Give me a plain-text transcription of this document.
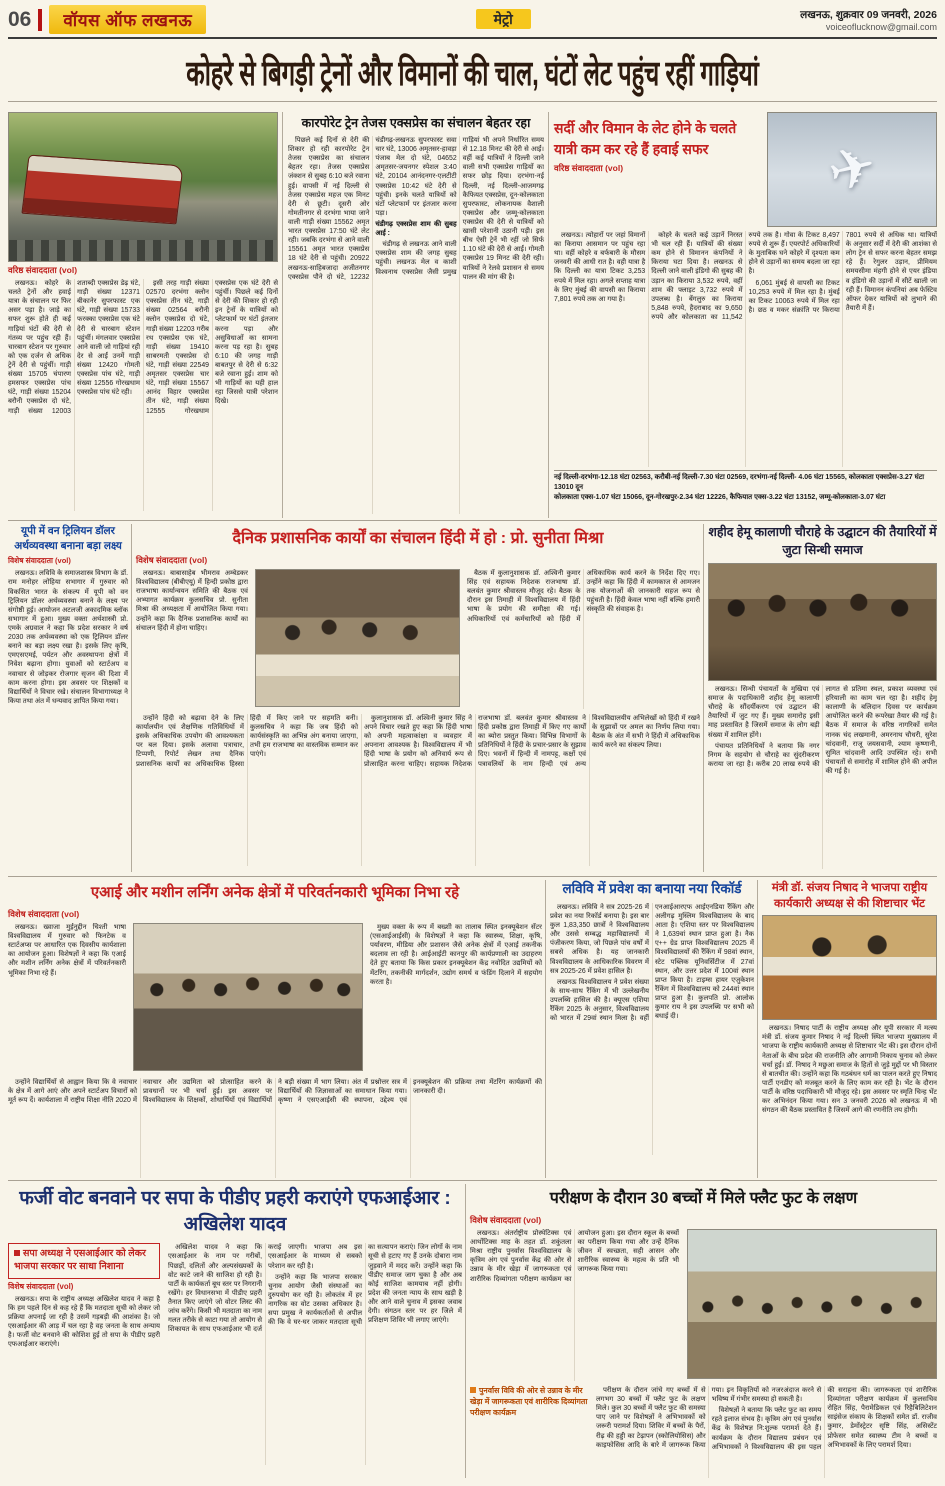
06	वॉयस ऑफ लखनऊ	मेट्रो	लखनऊ, शुक्रवार 09 जनवरी, 2026
voiceoflucknow@gmail.com
कोहरे से बिगड़ी ट्रेनों और विमानों की चाल, घंटों लेट पहुंच रहीं गाड़ियां
वरिष्ठ संवाददाता (vol)

लखनऊ। कोहरे के चलते ट्रेनों और हवाई यात्रा के संचालन पर फिर असर पड़ा है। जाड़े का सफर शुरू होते ही कई गाड़ियां घंटों की देरी से गंतव्य पर पहुंच रही हैं। चारबाग स्टेशन पर गुरुवार को एक दर्जन से अधिक ट्रेनें देरी से पहुंचीं। गाड़ी संख्या 15705 चंपारण हमसफर एक्सप्रेस पांच घंटे, गाड़ी संख्या 15204 बरौनी एक्सप्रेस दो घंटे, गाड़ी संख्या 12003 शताब्दी एक्सप्रेस डेढ़ घंटे, गाड़ी संख्या 12371 बीकानेर सुपरफास्ट एक घंटे, गाड़ी संख्या 15733 फरक्का एक्सप्रेस एक घंटे देरी से चारबाग स्टेशन पहुंचीं। मंगलवार एक्सप्रेस आने वाली जो गाड़ियां रही देर से आईं उनमें गाड़ी संख्या 12420 गोमती एक्सप्रेस पांच घंटे, गाड़ी संख्या 12556 गोरखधाम एक्सप्रेस पांच घंटे रही।

इसी तरह गाड़ी संख्या 02570 दरभंगा क्लोन एक्सप्रेस तीन घंटे, गाड़ी संख्या 02564 बरौनी क्लोन एक्सप्रेस दो घंटे, गाड़ी संख्या 12203 गरीब रथ एक्सप्रेस एक घंटे, गाड़ी संख्या 19410 साबरमती एक्सप्रेस दो घंटे, गाड़ी संख्या 22549 अमृतसर एक्सप्रेस चार घंटे, गाड़ी संख्या 15567 आनंद विहार एक्सप्रेस तीन घंटे, गाड़ी संख्या 12555 गोरखधाम एक्सप्रेस एक घंटे देरी से पहुंचीं। पिछले कई दिनों से देरी की शिकार हो रही इन ट्रेनों के यात्रियों को प्लेटफार्म पर घंटों इंतजार करना पड़ा और असुविधाओं का सामना करना पड़ रहा है। सुबह 6:10 की जगह गाड़ी बाबतपुर से देरी से 6:32 बजे रवाना हुई। शाम को भी गाड़ियों का यही हाल रहा जिससे यात्री परेशान दिखे।

कारपोरेट ट्रेन तेजस एक्सप्रेस का संचालन बेहतर रहा

पिछले कई दिनों से देरी की शिकार हो रही कारपोरेट ट्रेन तेजस एक्सप्रेस का संचालन बेहतर रहा। तेजस एक्सप्रेस जंक्शन से सुबह 6:10 बजे रवाना हुई। वापसी में नई दिल्ली से तेजस एक्सप्रेस महज एक मिनट देरी से छूटी। दूसरी ओर गोमतीनगर से दरभंगा भाया जाने वाली गाड़ी संख्या 15562 अमृत भारत एक्सप्रेस 17:50 घंटे लेट रही। जबकि दरभंगा से आने वाली 15561 अमृत भारत एक्सप्रेस 18 घंटे देरी से पहुंची। 20922 लखनऊ-साहिबजादा अजीतनगर एक्सप्रेस पौने दो घंटे, 12232 चंडीगढ़-लखनऊ सुपरफास्ट सवा चार घंटे, 13006 अमृतसर-हावड़ा पंजाब मेल दो घंटे, 04652 अमृतसर-जयनगर स्पेशल 3:40 घंटे, 20104 आनंदनगर-एलटीटी एक्सप्रेस 10:42 घंटे देरी से पहुंची। इनके चलते यात्रियों को घंटों प्लेटफार्म पर इंतजार करना पड़ा।

चंडीगढ़ एक्सप्रेस शाम की सुबह आई :

चंडीगढ़ से लखनऊ आने वाली एक्सप्रेस शाम की जगह सुबह पहुंची। लखनऊ मेल व काशी विश्वनाथ एक्सप्रेस जैसी प्रमुख गाड़ियां भी अपने निर्धारित समय से 12.18 मिनट की देरी से आईं। वहीं कई यात्रियों ने दिल्ली जाने वाली सभी एक्सप्रेस गाड़ियों का सफर छोड़ दिया। दरभंगा-नई दिल्ली, नई दिल्ली-आजमगढ़ कैफियत एक्सप्रेस, दून-कोलकाता सुपरफास्ट, लोकनायक वैशाली एक्सप्रेस और जम्मू-कोलकाता एक्सप्रेस की देरी से यात्रियों को खासी परेशानी उठानी पड़ी। इस बीच ऐसी ट्रेनें भी रहीं जो सिर्फ 1.10 घंटे की देरी से आईं। गोमती एक्सप्रेस 19 मिनट की देरी रही। यात्रियों ने रेलवे प्रशासन से समय पालन की मांग की है।

सर्दी और विमान के लेट होने के चलते यात्री कम कर रहे हैं हवाई सफर
वरिष्ठ संवाददाता (vol)	✈

लखनऊ। त्योहारों पर जहां विमानों का किराया आसमान पर पहुंच रहा था। वहीं कोहरे व बर्फबारी के मौसम जनवरी की आधी रात है। वही यात्रा है कि दिल्ली का यात्रा टिकट 3,253 रुपये में मिल रहा। अगले सप्ताह यात्रा के लिए मुंबई की वापसी का किराया 7,801 रुपये तक आ गया है।

कोहरे के चलते कई उड़ानें निरस्त भी चल रही हैं। यात्रियों की संख्या कम होने से विमानन कंपनियों ने किराया घटा दिया है। लखनऊ से दिल्ली जाने वाली इंडिगो की सुबह की उड़ान का किराया 3,532 रुपये, वहीं शाम की फ्लाइट 3,732 रुपये में उपलब्ध है। बेंगलुरु का किराया 5,848 रुपये, हैदराबाद का 9,650 रुपये और कोलकाता का 11,542 रुपये तक है। गोवा के टिकट 8,497 रुपये से शुरू हैं। एयरपोर्ट अधिकारियों के मुताबिक घने कोहरे में दृश्यता कम होने से उड़ानों का समय बदला जा रहा है।

6,061 मुंबई से वापसी का टिकट 10,253 रुपये में मिल रहा है। मुंबई का टिकट 10063 रुपये में मिल रहा है। छठ व मकर संक्रांति पर किराया 7801 रुपये से अधिक था। यात्रियों के अनुसार सर्दी में देरी की आशंका से लोग ट्रेन से सफर करना बेहतर समझ रहे हैं। रेगुलर उड़ान, प्रीमियम समयसीमा मंहगी होने से एयर इंडिया व इंडिगो की उड़ानों में सीटें खाली जा रही हैं। विमानन कंपनियां अब फेस्टिव ऑफर देकर यात्रियों को लुभाने की तैयारी में हैं।

नई दिल्ली-दरभंगा-12.18 घंटा 02563, करौबी-नई दिल्ली-7.30 घंटा 02569, दरभंगा-नई दिल्ली- 4.06 घंटा 15565, कोलकाता एक्सप्रेस-3.27 घंटा 13010 दून
कोलकाता एक्स-1.07 घंटा 15066, दून-गोरखपुर-2.34 घंटा 12226, कैफियात एक्स-3.22 घंटा 13152, जम्मू-कोलकाता-3.07 घंटा
यूपी में वन ट्रिलियन डॉलर अर्थव्यवस्था बनाना बड़ा लक्ष्य
विशेष संवाददाता (vol)

लखनऊ। लविवि के समाजशास्त्र विभाग के डॉ. राम मनोहर लोहिया सभागार में गुरुवार को विकसित भारत के संकल्प में यूपी को वन ट्रिलियन डॉलर अर्थव्यवस्था बनाने के लक्ष्य पर संगोष्ठी हुई। आयोजन अटलजी अकादमिक ब्लॉक सभागार में हुआ। मुख्य वक्ता अर्थशास्त्री प्रो. एमके अग्रवाल ने कहा कि प्रदेश सरकार ने वर्ष 2030 तक अर्थव्यवस्था को एक ट्रिलियन डॉलर बनाने का बड़ा लक्ष्य रखा है। इसके लिए कृषि, एमएसएमई, पर्यटन और अवस्थापना क्षेत्रों में निवेश बढ़ाना होगा। युवाओं को स्टार्टअप व नवाचार से जोड़कर रोजगार सृजन की दिशा में काम करना होगा। इस अवसर पर शिक्षकों व विद्यार्थियों ने विचार रखे। संचालन विभागाध्यक्ष ने किया तथा अंत में धन्यवाद ज्ञापित किया गया।

दैनिक प्रशासनिक कार्यों का संचालन हिंदी में हो : प्रो. सुनीता मिश्रा
विशेष संवाददाता (vol)

लखनऊ। बाबासाहेब भीमराव अम्बेडकर विश्वविद्यालय (बीबीएयू) में हिन्दी प्रकोष्ठ द्वारा राजभाषा कार्यान्वयन समिति की बैठक एवं अभ्यागत कार्यक्रम कुलसचिव प्रो. सुनीता मिश्रा की अध्यक्षता में आयोजित किया गया। उन्होंने कहा कि दैनिक प्रशासनिक कार्यों का संचालन हिंदी में होना चाहिए।

बैठक में कुलानुशासक डॉ. अश्विनी कुमार सिंह एवं सहायक निदेशक राजभाषा डॉ. बलवंत कुमार श्रीवास्तव मौजूद रहे। बैठक के दौरान इस तिमाही में विश्वविद्यालय में हिंदी भाषा के प्रयोग की समीक्षा की गई। अधिकारियों एवं कर्मचारियों को हिंदी में अधिकाधिक कार्य करने के निर्देश दिए गए। उन्होंने कहा कि हिंदी में कामकाज से आमजन तक योजनाओं की जानकारी सहज रूप से पहुंचती है। हिंदी केवल भाषा नहीं बल्कि हमारी संस्कृति की संवाहक है।

उन्होंने हिंदी को बढ़ावा देने के लिए कार्यालयीन एवं शैक्षणिक गतिविधियों में इसके अधिकाधिक उपयोग की आवश्यकता पर बल दिया। इसके अलावा पत्राचार, टिप्पणी, रिपोर्ट लेखन तथा दैनिक प्रशासनिक कार्यों का अधिकाधिक हिस्सा हिंदी में किए जाने पर सहमति बनी। कुलसचिव ने कहा कि जब हिंदी को कार्यसंस्कृति का अभिन्न अंग बनाया जाएगा, तभी हम राजभाषा का वास्तविक सम्मान कर पाएंगे।

कुलानुशासक डॉ. अश्विनी कुमार सिंह ने अपने विचार रखते हुए कहा कि हिंदी भाषा को अपनी महत्वाकांक्षा व व्यवहार में अपनाना आवश्यक है। विश्वविद्यालय में भी हिंदी भाषा के प्रयोग को अनिवार्य रूप से प्रोत्साहित करना चाहिए। सहायक निदेशक राजभाषा डॉ. बलवंत कुमार श्रीवास्तव ने हिंदी प्रकोष्ठ द्वारा तिमाही में किए गए कार्यों का ब्योरा प्रस्तुत किया। विभिन्न विभागों के प्रतिनिधियों ने हिंदी के प्रचार-प्रसार के सुझाव दिए। भवनों में हिन्दी में नामपट्ट, कक्षों एवं पत्रावलियों के नाम हिन्दी एवं अन्य विश्वविद्यालयीय अभिलेखों को हिंदी में रखने के सुझावों पर अमल का निर्णय लिया गया। बैठक के अंत में सभी ने हिंदी में अधिकाधिक कार्य करने का संकल्प लिया।

शहीद हेमू कालाणी चौराहे के उद्घाटन की तैयारियों में जुटा सिन्धी समाज

लखनऊ। सिन्धी पंचायतों के मुखिया एवं समाज के पदाधिकारी शहीद हेमू कालाणी चौराहे के सौंदर्यीकरण एवं उद्घाटन की तैयारियों में जुट गए हैं। मुख्य समारोह इसी माह प्रस्तावित है जिसमें समाज के लोग बड़ी संख्या में शामिल होंगे।

पंचायत प्रतिनिधियों ने बताया कि नगर निगम के सहयोग से चौराहे का सुंदरीकरण कराया जा रहा है। करीब 20 लाख रुपये की लागत से प्रतिमा स्थल, प्रकाश व्यवस्था एवं हरियाली का काम चल रहा है। शहीद हेमू कालाणी के बलिदान दिवस पर कार्यक्रम आयोजित करने की रूपरेखा तैयार की गई है। बैठक में समाज के वरिष्ठ नागरिकों समेत नानक चंद लखमानी, अमरनाथ चौधरी, सुरेश चांदवानी, राजू जयसवानी, श्याम कृष्णानी, सुमित चांदवानी आदि उपस्थित रहे। सभी पंचायतों से समारोह में शामिल होने की अपील की गई है।

एआई और मशीन लर्निंग अनेक क्षेत्रों में परिवर्तनकारी भूमिका निभा रहे
विशेष संवाददाता (vol)

लखनऊ। ख्वाजा मुईनुद्दीन चिश्ती भाषा विश्वविद्यालय में गुरुवार को फिनटेक व स्टार्टअप्स पर आधारित एक दिवसीय कार्यशाला का आयोजन हुआ। विशेषज्ञों ने कहा कि एआई और मशीन लर्निंग अनेक क्षेत्रों में परिवर्तनकारी भूमिका निभा रहे हैं।

मुख्य वक्ता के रूप में बख्शी का तालाब स्थित इनक्यूबेशन सेंटर (एसआईआईसी) के विशेषज्ञों ने कहा कि स्वास्थ्य, शिक्षा, कृषि, पर्यावरण, मीडिया और प्रशासन जैसे अनेक क्षेत्रों में एआई तकनीक बदलाव ला रही है। आईआईटी कानपुर की कार्यप्रणाली का उदाहरण देते हुए बताया कि किस प्रकार इनक्यूबेशन केंद्र नवोदित उद्यमियों को मेंटरिंग, तकनीकी मार्गदर्शन, उद्योग समर्थ व फंडिंग दिलाने में सहयोग करता है।

उन्होंने विद्यार्थियों से आह्वान किया कि वे नवाचार के क्षेत्र में आगे आएं और अपने स्टार्टअप विचारों को मूर्त रूप दें। कार्यशाला में राष्ट्रीय शिक्षा नीति 2020 में नवाचार और उद्यमिता को प्रोत्साहित करने के प्रावधानों पर भी चर्चा हुई। इस अवसर पर विश्वविद्यालय के शिक्षकों, शोधार्थियों एवं विद्यार्थियों ने बड़ी संख्या में भाग लिया। अंत में प्रश्नोत्तर सत्र में विद्यार्थियों की जिज्ञासाओं का समाधान किया गया। कृष्णा ने एसएआईसी की स्थापना, उद्देश्य एवं इनक्यूबेशन की प्रक्रिया तथा मेंटरिंग कार्यक्रमों की जानकारी दी।

लविवि में प्रवेश का बनाया नया रिकॉर्ड

लखनऊ। लविवि ने सत्र 2025-26 में प्रवेश का नया रिकॉर्ड बनाया है। इस बार कुल 1,83,350 छात्रों ने विश्वविद्यालय और उससे सम्बद्ध महाविद्यालयों में पंजीकरण किया, जो पिछले पांच वर्षों में सबसे अधिक है। यह जानकारी विश्वविद्यालय के आधिकारिक विवरण में सत्र 2025-26 में प्रवेश हासिल है।

लखनऊ विश्वविद्यालय ने प्रवेश संख्या के साथ-साथ रैंकिंग में भी उल्लेखनीय उपलब्धि हासिल की है। क्यूएस एशिया रैंकिंग 2025 के अनुसार, विश्वविद्यालय को भारत में 29वां स्थान मिला है। वहीं एनआईआरएफ आईएनडिया रैंकिंग और अलीगढ़ मुस्लिम विश्वविद्यालय के बाद आता है। एशिया स्तर पर विश्वविद्यालय ने 1,639वां स्थान प्राप्त हुआ है। नैक ए++ ग्रेड प्राप्त विश्वविद्यालय 2025 में विश्वविद्यालयों की रैंकिंग में 98वां स्थान, स्टेट पब्लिक यूनिवर्सिटीज में 27वां स्थान, और उत्तर प्रदेश में 100वां स्थान प्राप्त किया है। टाइम्स हायर एजुकेशन रैंकिंग में विश्वविद्यालय को 244वां स्थान प्राप्त हुआ है। कुलपति प्रो. आलोक कुमार राय ने इस उपलब्धि पर सभी को बधाई दी।

मंत्री डॉ. संजय निषाद ने भाजपा राष्ट्रीय कार्यकारी अध्यक्ष से की शिष्टाचार भेंट

लखनऊ। निषाद पार्टी के राष्ट्रीय अध्यक्ष और यूपी सरकार में मत्स्य मंत्री डॉ. संजय कुमार निषाद ने नई दिल्ली स्थित भाजपा मुख्यालय में भाजपा के राष्ट्रीय कार्यकारी अध्यक्ष से शिष्टाचार भेंट की। इस दौरान दोनों नेताओं के बीच प्रदेश की राजनीति और आगामी निकाय चुनाव को लेकर चर्चा हुई। डॉ. निषाद ने मछुआ समाज के हितों से जुड़े मुद्दों पर भी विस्तार से बातचीत की। उन्होंने कहा कि गठबंधन धर्म का पालन करते हुए निषाद पार्टी एनडीए को मजबूत करने के लिए काम कर रही है। भेंट के दौरान पार्टी के वरिष्ठ पदाधिकारी भी मौजूद रहे। इस अवसर पर स्मृति चिन्ह भेंट कर अभिनंदन किया गया। सन 3 जनवरी 2026 को लखनऊ में भी संगठन की बैठक प्रस्तावित है जिसमें आगे की रणनीति तय होगी।

फर्जी वोट बनवाने पर सपा के पीडीए प्रहरी कराएंगे एफआईआर : अखिलेश यादव
सपा अध्यक्ष ने एसआईआर को लेकर भाजपा सरकार पर साधा निशाना
विशेष संवाददाता (vol)

लखनऊ। सपा के राष्ट्रीय अध्यक्ष अखिलेश यादव ने कहा है कि हम पहले दिन से कह रहे हैं कि मतदाता सूची को लेकर जो प्रक्रिया अपनाई जा रही है उसमें गड़बड़ी की आशंका है। जो एसआईआर की आड़ में चल रहा है वह जनता के साथ अन्याय है। फर्जी वोट बनवाने की कोशिश हुई तो सपा के पीडीए प्रहरी एफआईआर कराएंगे।

अखिलेश यादव ने कहा कि एसआईआर के नाम पर गरीबों, पिछड़ों, दलितों और अल्पसंख्यकों के वोट काटे जाने की साजिश हो रही है। पार्टी के कार्यकर्ता बूथ स्तर पर निगरानी रखेंगे। हर विधानसभा में पीडीए प्रहरी तैनात किए जाएंगे जो वोटर लिस्ट की जांच करेंगे। किसी भी मतदाता का नाम गलत तरीके से काटा गया तो आयोग से शिकायत के साथ एफआईआर भी दर्ज कराई जाएगी। भाजपा अब इस एसआईआर के माध्यम से सबको परेशान कर रही है।

उन्होंने कहा कि भाजपा सरकार चुनाव आयोग जैसी संस्थाओं का दुरुपयोग कर रही है। लोकतंत्र में हर नागरिक का वोट उसका अधिकार है। सपा प्रमुख ने कार्यकर्ताओं से अपील की कि वे घर-घर जाकर मतदाता सूची का सत्यापन कराएं। जिन लोगों के नाम सूची से हटाए गए हैं उनके दोबारा नाम जुड़वाने में मदद करें। उन्होंने कहा कि पीडीए समाज जाग चुका है और अब कोई साजिश कामयाब नहीं होगी। प्रदेश की जनता न्याय के साथ खड़ी है और आने वाले चुनाव में इसका जवाब देगी। संगठन स्तर पर हर जिले में प्रशिक्षण शिविर भी लगाए जाएंगे।

परीक्षण के दौरान 30 बच्चों में मिले फ्लैट फुट के लक्षण
विशेष संवाददाता (vol)

लखनऊ। अंतर्राष्ट्रीय प्रोस्थेटिक्स एवं आर्थोटिक्स माह के तहत डॉ. शकुंतला मिश्रा राष्ट्रीय पुनर्वास विश्वविद्यालय के कृत्रिम अंग एवं पुनर्वास केंद्र की ओर से उन्नाव के मीर खेड़ा में जागरूकता एवं शारीरिक दिव्यांगता परीक्षण कार्यक्रम का आयोजन हुआ। इस दौरान स्कूल के बच्चों का परीक्षण किया गया और उन्हें दैनिक जीवन में स्वच्छता, सही आसन और शारीरिक स्वास्थ्य के महत्व के प्रति भी जागरूक किया गया।

पुनर्वास विवि की ओर से उन्नाव के मीर खेड़ा में जागरूकता एवं शारीरिक दिव्यांगता परीक्षण कार्यक्रम

परीक्षण के दौरान जांचे गए बच्चों में से लगभग 30 बच्चों में फ्लैट फुट के लक्षण मिले। कुल 30 बच्चों में फ्लैट फुट की समस्या पाए जाने पर विशेषज्ञों ने अभिभावकों को जरूरी परामर्श दिया। शिविर में बच्चों के पैरों, रीढ़ की हड्डी का टेढ़ापन (स्कोलियोसिस) और काइफोसिस आदि के बारे में जागरूक किया गया। इन विकृतियों को नजरअंदाज करने से भविष्य में गंभीर समस्या हो सकती है।

विशेषज्ञों ने बताया कि फ्लैट फुट का समय रहते इलाज संभव है। कृत्रिम अंग एवं पुनर्वास केंद्र के विशेषज्ञ नि:शुल्क परामर्श देते हैं। कार्यक्रम के दौरान विद्यालय प्रबंधन एवं अभिभावकों ने विश्वविद्यालय की इस पहल की सराहना की। जागरूकता एवं शारीरिक दिव्यांगता परीक्षण कार्यक्रम में कुलसचिव रोहित सिंह, पैरामेडिकल एवं रिहैबिलिटेशन साइंसेज संकाय के शिक्षकों समेत डॉ. राजीव कुमार, डेमोंस्ट्रेटर सृष्टि सिंह, असिस्टेंट प्रोफेसर समेत स्वास्थ्य टीम ने बच्चों व अभिभावकों के लिए परामर्श दिया।
